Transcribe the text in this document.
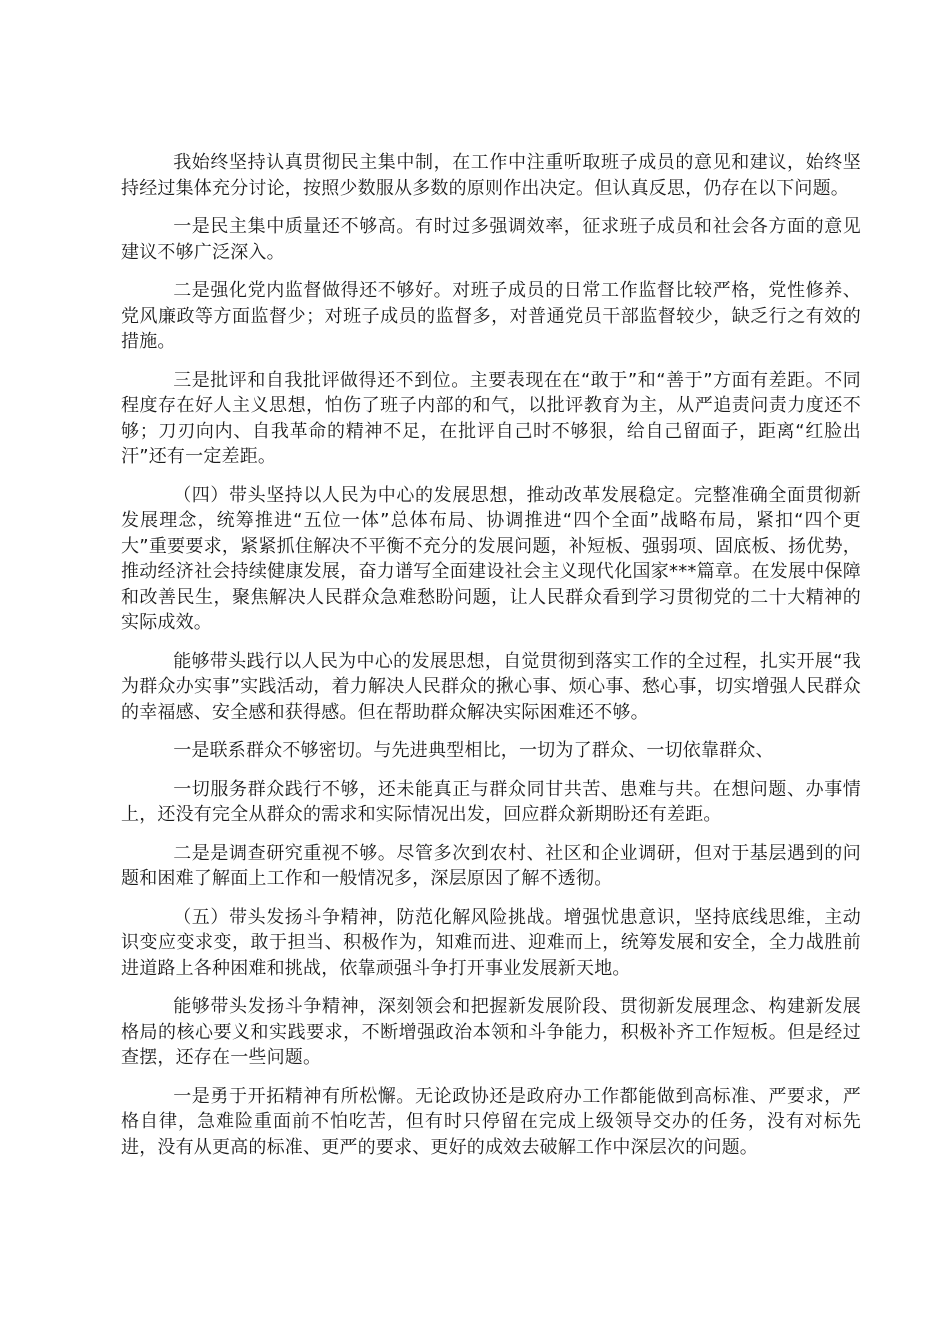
我始终坚持认真贯彻民主集中制，在工作中注重听取班子成员的意见和建议，始终坚持经过集体充分讨论，按照少数服从多数的原则作出决定。但认真反思，仍存在以下问题。

一是民主集中质量还不够高。有时过多强调效率，征求班子成员和社会各方面的意见建议不够广泛深入。

二是强化党内监督做得还不够好。对班子成员的日常工作监督比较严格，党性修养、党风廉政等方面监督少；对班子成员的监督多，对普通党员干部监督较少，缺乏行之有效的措施。

三是批评和自我批评做得还不到位。主要表现在在“敢于”和“善于”方面有差距。不同程度存在好人主义思想，怕伤了班子内部的和气，以批评教育为主，从严追责问责力度还不够；刀刃向内、自我革命的精神不足，在批评自己时不够狠，给自己留面子，距离“红脸出汗”还有一定差距。

（四）带头坚持以人民为中心的发展思想，推动改革发展稳定。完整准确全面贯彻新发展理念，统筹推进“五位一体”总体布局、协调推进“四个全面”战略布局，紧扣“四个更大”重要要求，紧紧抓住解决不平衡不充分的发展问题，补短板、强弱项、固底板、扬优势，推动经济社会持续健康发展，奋力谱写全面建设社会主义现代化国家***篇章。在发展中保障和改善民生，聚焦解决人民群众急难愁盼问题，让人民群众看到学习贯彻党的二十大精神的实际成效。

能够带头践行以人民为中心的发展思想，自觉贯彻到落实工作的全过程，扎实开展“我为群众办实事”实践活动，着力解决人民群众的揪心事、烦心事、愁心事，切实增强人民群众的幸福感、安全感和获得感。但在帮助群众解决实际困难还不够。

一是联系群众不够密切。与先进典型相比，一切为了群众、一切依靠群众、

一切服务群众践行不够，还未能真正与群众同甘共苦、患难与共。在想问题、办事情上，还没有完全从群众的需求和实际情况出发，回应群众新期盼还有差距。

二是是调查研究重视不够。尽管多次到农村、社区和企业调研，但对于基层遇到的问题和困难了解面上工作和一般情况多，深层原因了解不透彻。

（五）带头发扬斗争精神，防范化解风险挑战。增强忧患意识，坚持底线思维，主动识变应变求变，敢于担当、积极作为，知难而进、迎难而上，统筹发展和安全，全力战胜前进道路上各种困难和挑战，依靠顽强斗争打开事业发展新天地。

能够带头发扬斗争精神，深刻领会和把握新发展阶段、贯彻新发展理念、构建新发展格局的核心要义和实践要求，不断增强政治本领和斗争能力，积极补齐工作短板。但是经过查摆，还存在一些问题。

一是勇于开拓精神有所松懈。无论政协还是政府办工作都能做到高标准、严要求，严格自律，急难险重面前不怕吃苦，但有时只停留在完成上级领导交办的任务，没有对标先进，没有从更高的标准、更严的要求、更好的成效去破解工作中深层次的问题。
